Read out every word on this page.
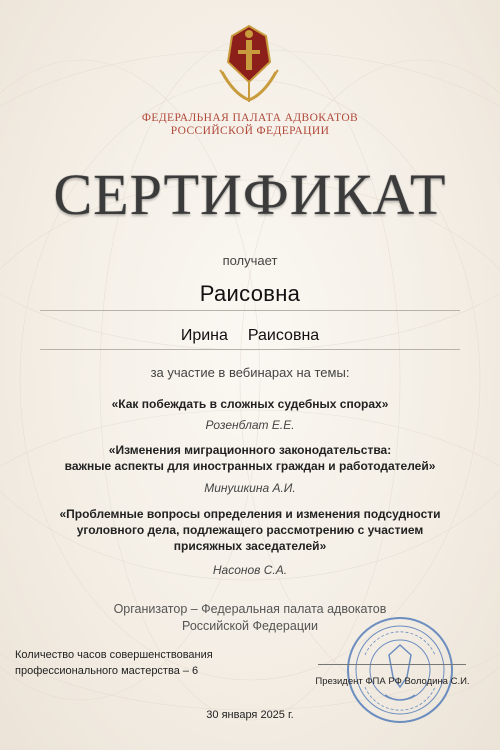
ФЕДЕРАЛЬНАЯ ПАЛАТА АДВОКАТОВ
РОССИЙСКОЙ ФЕДЕРАЦИИ
СЕРТИФИКАТ
получает
Раисовна
Ирина Раисовна
за участие в вебинарах на темы:
«Как побеждать в сложных судебных спорах»
Розенблат Е.Е.
«Изменения миграционного законодательства:
важные аспекты для иностранных граждан и работодателей»
Минушкина А.И.
«Проблемные вопросы определения и изменения подсудности
уголовного дела, подлежащего рассмотрению с участием
присяжных заседателей»
Насонов С.А.
Организатор – Федеральная палата адвокатов
Российской Федерации
Количество часов совершенствования
профессионального мастерства – 6
Президент ФПА РФ Володина С.И.
30 января 2025 г.
